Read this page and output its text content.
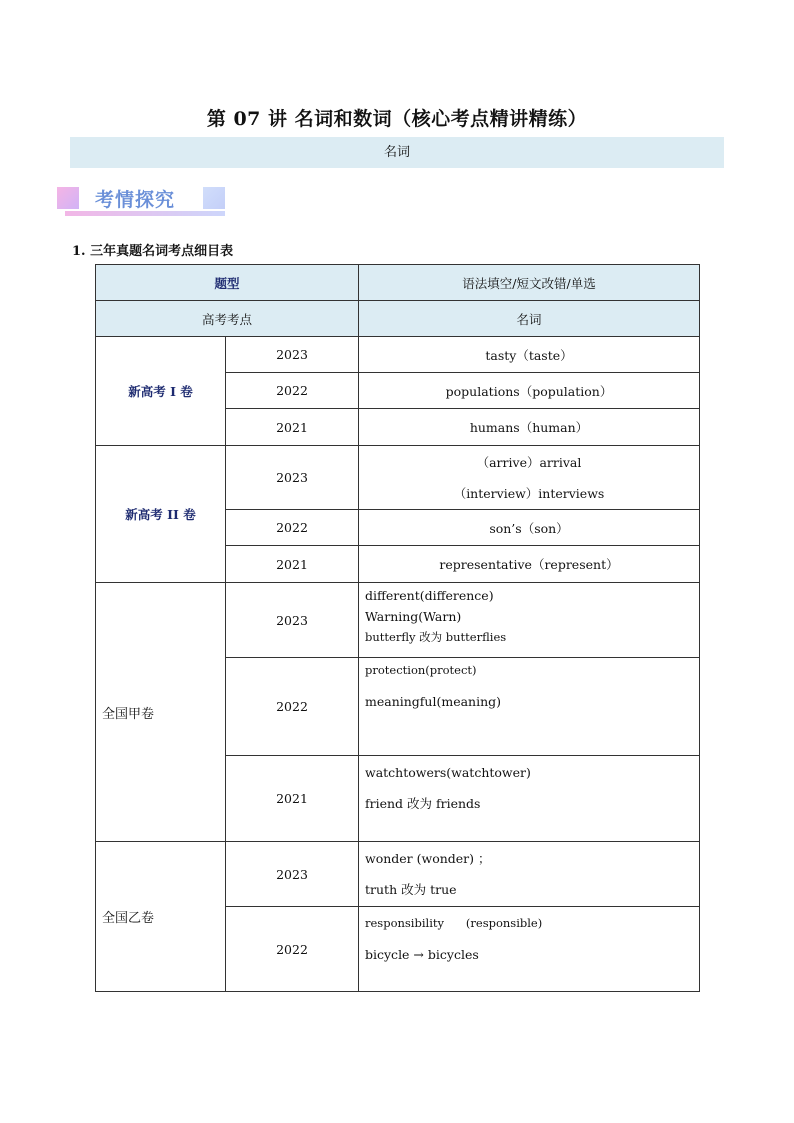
第 07 讲 名词和数词（核心考点精讲精练）
名词
考情探究
1. 三年真题名词考点细目表
题型		语法填空/短文改错/单选
高考考点		名词
新高考 I 卷	2023	tasty（taste）
	2022	populations（population）
	2021	humans（human）
新高考 II 卷	2023	（arrive）arrival
（interview）interviews

	2022	son’s（son）
	2021	representative（represent）
全国甲卷	2023	different(difference)
Warning(Warn)
butterfly 改为 butterflies

	2022	protection(protect)
meaningful(meaning)

	2021	watchtowers(watchtower)
friend 改为 friends

全国乙卷	2023	wonder (wonder) ；
truth 改为 true

	2022	responsibility      (responsible)
bicycle → bicycles
